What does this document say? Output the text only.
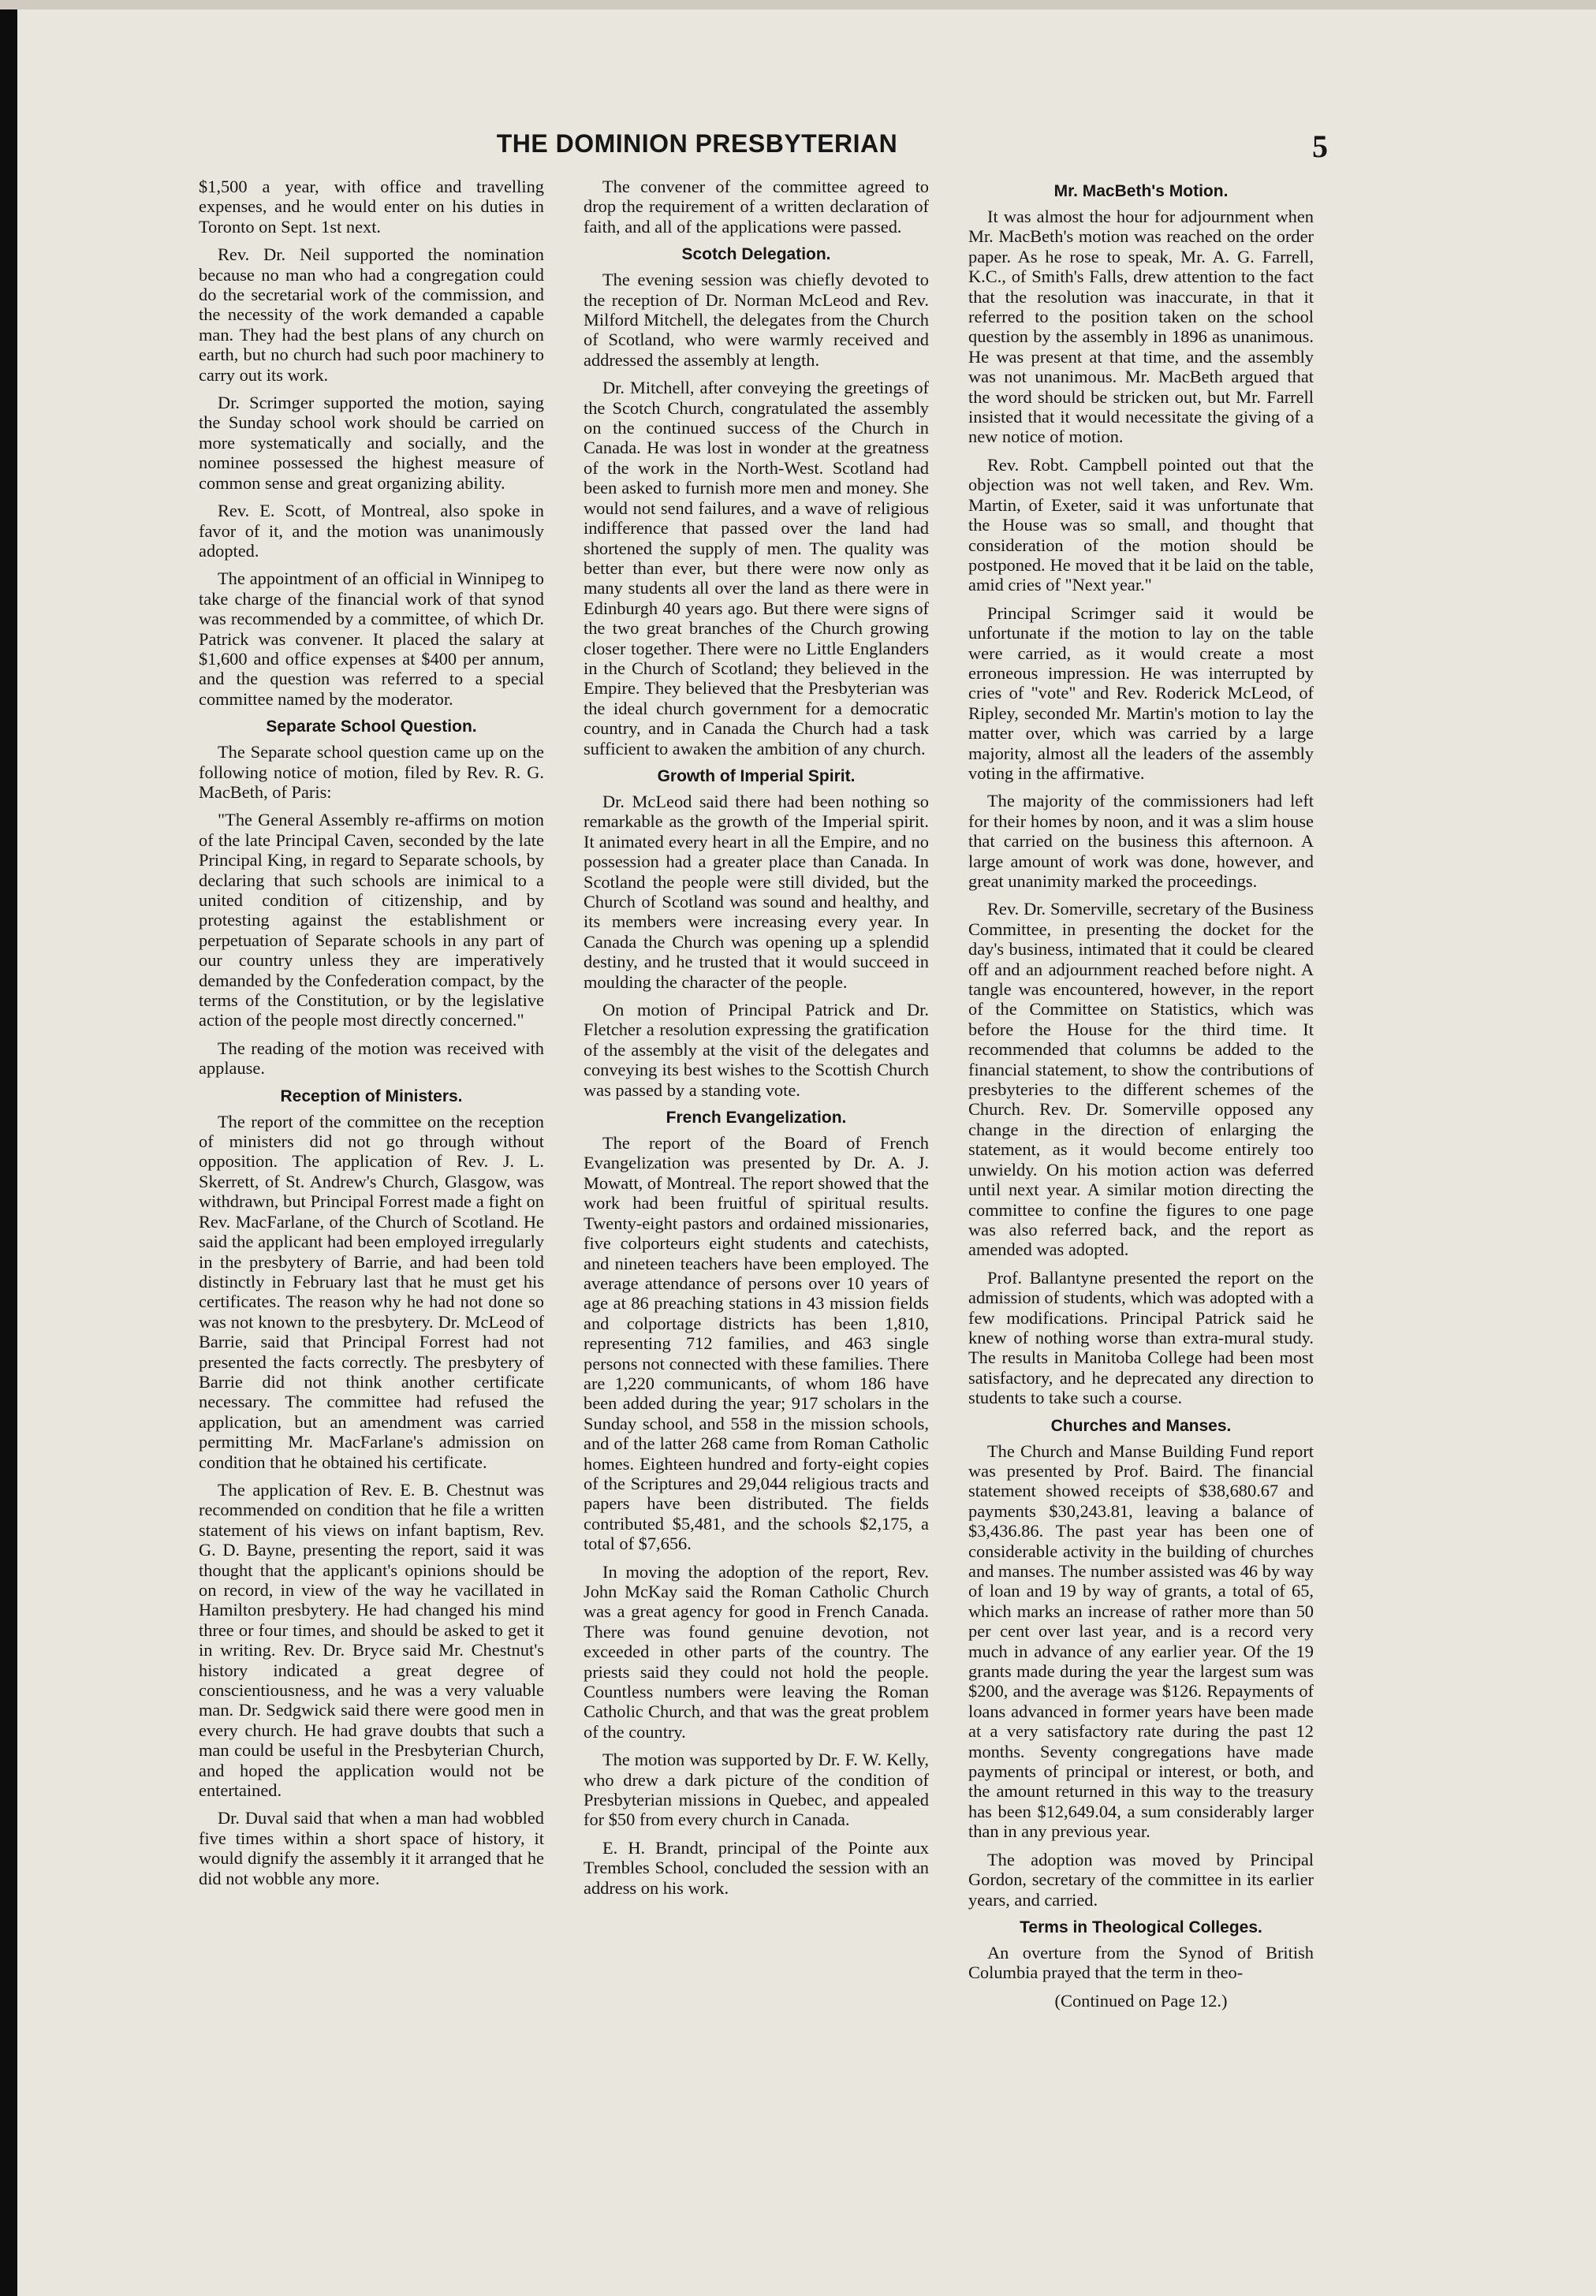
THE DOMINION PRESBYTERIAN	5

$1,500 a year, with office and travelling expenses, and he would enter on his duties in Toronto on Sept. 1st next.

Rev. Dr. Neil supported the nomination because no man who had a congregation could do the secretarial work of the commission, and the necessity of the work demanded a capable man. They had the best plans of any church on earth, but no church had such poor machinery to carry out its work.

Dr. Scrimger supported the motion, saying the Sunday school work should be carried on more systematically and socially, and the nominee possessed the highest measure of common sense and great organizing ability.

Rev. E. Scott, of Montreal, also spoke in favor of it, and the motion was unanimously adopted.

The appointment of an official in Winnipeg to take charge of the financial work of that synod was recommended by a committee, of which Dr. Patrick was convener. It placed the salary at $1,600 and office expenses at $400 per annum, and the question was referred to a special committee named by the moderator.

Separate School Question.

The Separate school question came up on the following notice of motion, filed by Rev. R. G. MacBeth, of Paris:

"The General Assembly re-affirms on motion of the late Principal Caven, seconded by the late Principal King, in regard to Separate schools, by declaring that such schools are inimical to a united condition of citizenship, and by protesting against the establishment or perpetuation of Separate schools in any part of our country unless they are imperatively demanded by the Confederation compact, by the terms of the Constitution, or by the legislative action of the people most directly concerned."

The reading of the motion was received with applause.

Reception of Ministers.

The report of the committee on the reception of ministers did not go through without opposition. The application of Rev. J. L. Skerrett, of St. Andrew's Church, Glasgow, was withdrawn, but Principal Forrest made a fight on Rev. MacFarlane, of the Church of Scotland. He said the applicant had been employed irregularly in the presbytery of Barrie, and had been told distinctly in February last that he must get his certificates. The reason why he had not done so was not known to the presbytery. Dr. McLeod of Barrie, said that Principal Forrest had not presented the facts correctly. The presbytery of Barrie did not think another certificate necessary. The committee had refused the application, but an amendment was carried permitting Mr. MacFarlane's admission on condition that he obtained his certificate.

The application of Rev. E. B. Chestnut was recommended on condition that he file a written statement of his views on infant baptism, Rev. G. D. Bayne, presenting the report, said it was thought that the applicant's opinions should be on record, in view of the way he vacillated in Hamilton presbytery. He had changed his mind three or four times, and should be asked to get it in writing. Rev. Dr. Bryce said Mr. Chestnut's history indicated a great degree of conscientiousness, and he was a very valuable man. Dr. Sedgwick said there were good men in every church. He had grave doubts that such a man could be useful in the Presbyterian Church, and hoped the application would not be entertained.

Dr. Duval said that when a man had wobbled five times within a short space of history, it would dignify the assembly it it arranged that he did not wobble any more.

The convener of the committee agreed to drop the requirement of a written declaration of faith, and all of the applications were passed.

Scotch Delegation.

The evening session was chiefly devoted to the reception of Dr. Norman McLeod and Rev. Milford Mitchell, the delegates from the Church of Scotland, who were warmly received and addressed the assembly at length.

Dr. Mitchell, after conveying the greetings of the Scotch Church, congratulated the assembly on the continued success of the Church in Canada. He was lost in wonder at the greatness of the work in the North-West. Scotland had been asked to furnish more men and money. She would not send failures, and a wave of religious indifference that passed over the land had shortened the supply of men. The quality was better than ever, but there were now only as many students all over the land as there were in Edinburgh 40 years ago. But there were signs of the two great branches of the Church growing closer together. There were no Little Englanders in the Church of Scotland; they believed in the Empire. They believed that the Presbyterian was the ideal church government for a democratic country, and in Canada the Church had a task sufficient to awaken the ambition of any church.

Growth of Imperial Spirit.

Dr. McLeod said there had been nothing so remarkable as the growth of the Imperial spirit. It animated every heart in all the Empire, and no possession had a greater place than Canada. In Scotland the people were still divided, but the Church of Scotland was sound and healthy, and its members were increasing every year. In Canada the Church was opening up a splendid destiny, and he trusted that it would succeed in moulding the character of the people.

On motion of Principal Patrick and Dr. Fletcher a resolution expressing the gratification of the assembly at the visit of the delegates and conveying its best wishes to the Scottish Church was passed by a standing vote.

French Evangelization.

The report of the Board of French Evangelization was presented by Dr. A. J. Mowatt, of Montreal. The report showed that the work had been fruitful of spiritual results. Twenty-eight pastors and ordained missionaries, five colporteurs eight students and catechists, and nineteen teachers have been employed. The average attendance of persons over 10 years of age at 86 preaching stations in 43 mission fields and colportage districts has been 1,810, representing 712 families, and 463 single persons not connected with these families. There are 1,220 communicants, of whom 186 have been added during the year; 917 scholars in the Sunday school, and 558 in the mission schools, and of the latter 268 came from Roman Catholic homes. Eighteen hundred and forty-eight copies of the Scriptures and 29,044 religious tracts and papers have been distributed. The fields contributed $5,481, and the schools $2,175, a total of $7,656.

In moving the adoption of the report, Rev. John McKay said the Roman Catholic Church was a great agency for good in French Canada. There was found genuine devotion, not exceeded in other parts of the country. The priests said they could not hold the people. Countless numbers were leaving the Roman Catholic Church, and that was the great problem of the country.

The motion was supported by Dr. F. W. Kelly, who drew a dark picture of the condition of Presbyterian missions in Quebec, and appealed for $50 from every church in Canada.

E. H. Brandt, principal of the Pointe aux Trembles School, concluded the session with an address on his work.

Mr. MacBeth's Motion.

It was almost the hour for adjournment when Mr. MacBeth's motion was reached on the order paper. As he rose to speak, Mr. A. G. Farrell, K.C., of Smith's Falls, drew attention to the fact that the resolution was inaccurate, in that it referred to the position taken on the school question by the assembly in 1896 as unanimous. He was present at that time, and the assembly was not unanimous. Mr. MacBeth argued that the word should be stricken out, but Mr. Farrell insisted that it would necessitate the giving of a new notice of motion.

Rev. Robt. Campbell pointed out that the objection was not well taken, and Rev. Wm. Martin, of Exeter, said it was unfortunate that the House was so small, and thought that consideration of the motion should be postponed. He moved that it be laid on the table, amid cries of "Next year."

Principal Scrimger said it would be unfortunate if the motion to lay on the table were carried, as it would create a most erroneous impression. He was interrupted by cries of "vote" and Rev. Roderick McLeod, of Ripley, seconded Mr. Martin's motion to lay the matter over, which was carried by a large majority, almost all the leaders of the assembly voting in the affirmative.

The majority of the commissioners had left for their homes by noon, and it was a slim house that carried on the business this afternoon. A large amount of work was done, however, and great unanimity marked the proceedings.

Rev. Dr. Somerville, secretary of the Business Committee, in presenting the docket for the day's business, intimated that it could be cleared off and an adjournment reached before night. A tangle was encountered, however, in the report of the Committee on Statistics, which was before the House for the third time. It recommended that columns be added to the financial statement, to show the contributions of presbyteries to the different schemes of the Church. Rev. Dr. Somerville opposed any change in the direction of enlarging the statement, as it would become entirely too unwieldy. On his motion action was deferred until next year. A similar motion directing the committee to confine the figures to one page was also referred back, and the report as amended was adopted.

Prof. Ballantyne presented the report on the admission of students, which was adopted with a few modifications. Principal Patrick said he knew of nothing worse than extra-mural study. The results in Manitoba College had been most satisfactory, and he deprecated any direction to students to take such a course.

Churches and Manses.

The Church and Manse Building Fund report was presented by Prof. Baird. The financial statement showed receipts of $38,680.67 and payments $30,243.81, leaving a balance of $3,436.86. The past year has been one of considerable activity in the building of churches and manses. The number assisted was 46 by way of loan and 19 by way of grants, a total of 65, which marks an increase of rather more than 50 per cent over last year, and is a record very much in advance of any earlier year. Of the 19 grants made during the year the largest sum was $200, and the average was $126. Repayments of loans advanced in former years have been made at a very satisfactory rate during the past 12 months. Seventy congregations have made payments of principal or interest, or both, and the amount returned in this way to the treasury has been $12,649.04, a sum considerably larger than in any previous year.

The adoption was moved by Principal Gordon, secretary of the committee in its earlier years, and carried.

Terms in Theological Colleges.

An overture from the Synod of British Columbia prayed that the term in theo-

(Continued on Page 12.)
